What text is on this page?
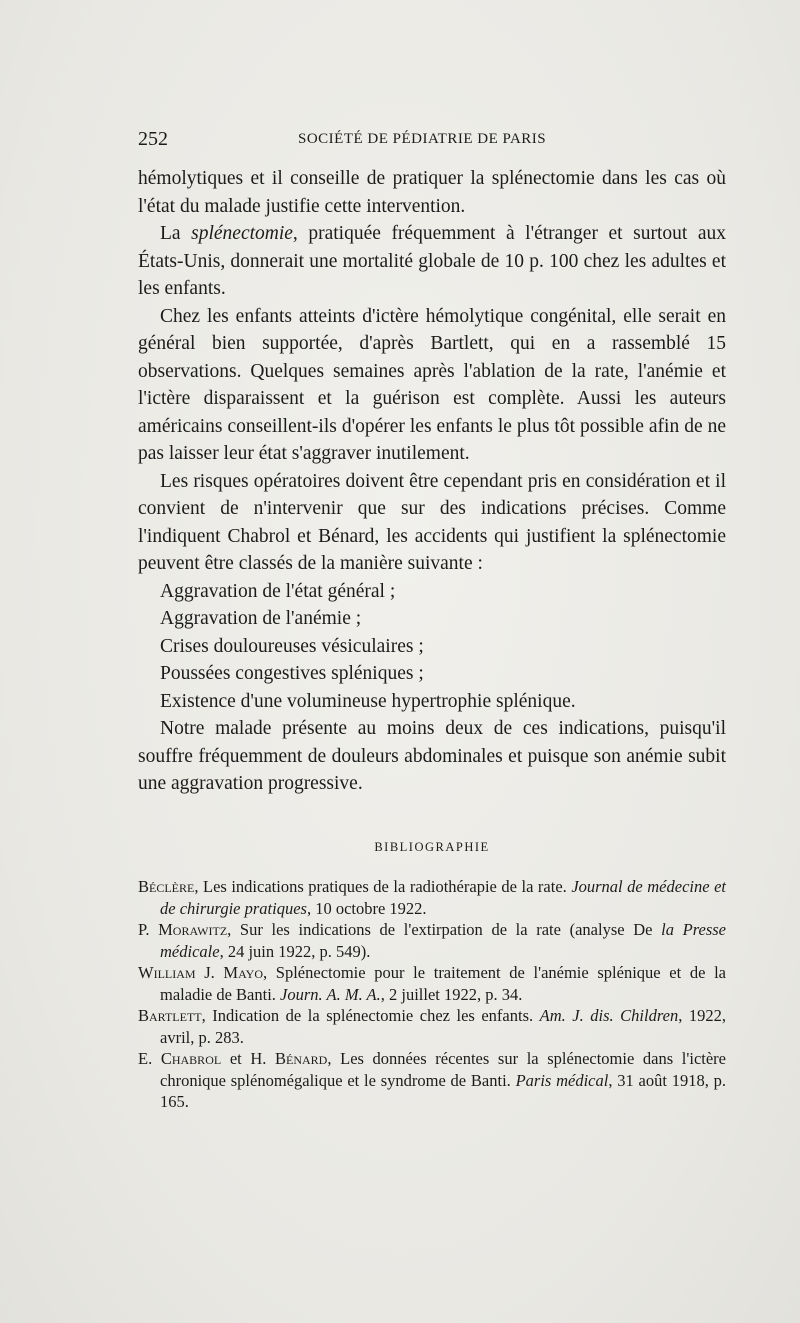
252	SOCIÉTÉ DE PÉDIATRIE DE PARIS

hémolytiques et il conseille de pratiquer la splénectomie dans les cas où l'état du malade justifie cette intervention.

La splénectomie, pratiquée fréquemment à l'étranger et surtout aux États-Unis, donnerait une mortalité globale de 10 p. 100 chez les adultes et les enfants.

Chez les enfants atteints d'ictère hémolytique congénital, elle serait en général bien supportée, d'après Bartlett, qui en a rassemblé 15 observations. Quelques semaines après l'ablation de la rate, l'anémie et l'ictère disparaissent et la guérison est complète. Aussi les auteurs américains conseillent-ils d'opérer les enfants le plus tôt possible afin de ne pas laisser leur état s'aggraver inutilement.

Les risques opératoires doivent être cependant pris en considération et il convient de n'intervenir que sur des indications précises. Comme l'indiquent Chabrol et Bénard, les accidents qui justifient la splénectomie peuvent être classés de la manière suivante :

Aggravation de l'état général ;

Aggravation de l'anémie ;

Crises douloureuses vésiculaires ;

Poussées congestives spléniques ;

Existence d'une volumineuse hypertrophie splénique.

Notre malade présente au moins deux de ces indications, puisqu'il souffre fréquemment de douleurs abdominales et puisque son anémie subit une aggravation progressive.

BIBLIOGRAPHIE

Béclère, Les indications pratiques de la radiothérapie de la rate. Journal de médecine et de chirurgie pratiques, 10 octobre 1922.

P. Morawitz, Sur les indications de l'extirpation de la rate (analyse De la Presse médicale, 24 juin 1922, p. 549).

William J. Mayo, Splénectomie pour le traitement de l'anémie splénique et de la maladie de Banti. Journ. A. M. A., 2 juillet 1922, p. 34.

Bartlett, Indication de la splénectomie chez les enfants. Am. J. dis. Children, 1922, avril, p. 283.

E. Chabrol et H. Bénard, Les données récentes sur la splénectomie dans l'ictère chronique splénomégalique et le syndrome de Banti. Paris médical, 31 août 1918, p. 165.
